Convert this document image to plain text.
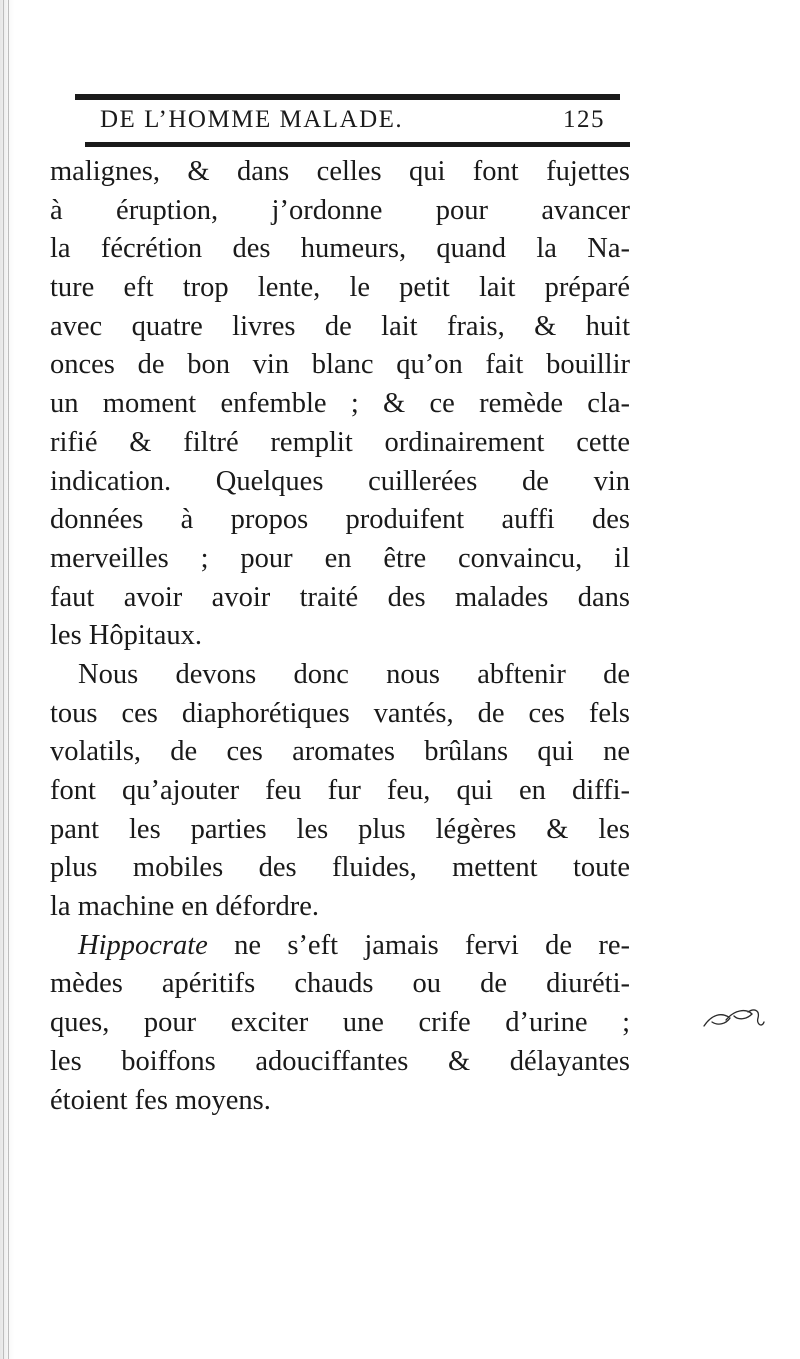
DE L’HOMME MALADE.	125
malignes, & dans celles qui font fujettes
à éruption, j’ordonne pour avancer
la fécrétion des humeurs, quand la Na-
ture eft trop lente, le petit lait préparé
avec quatre livres de lait frais, & huit
onces de bon vin blanc qu’on fait bouillir
un moment enfemble ; & ce remède cla-
rifié & filtré remplit ordinairement cette
indication. Quelques cuillerées de vin
données à propos produifent auffi des
merveilles ; pour en être convaincu, il
faut avoir avoir traité des malades dans
les Hôpitaux.
Nous devons donc nous abftenir de
tous ces diaphorétiques vantés, de ces fels
volatils, de ces aromates brûlans qui ne
font qu’ajouter feu fur feu, qui en diffi-
pant les parties les plus légères & les
plus mobiles des fluides, mettent toute
la machine en défordre.
Hippocrate ne s’eft jamais fervi de re-
mèdes apéritifs chauds ou de diuréti-
ques, pour exciter une crife d’urine ;
les boiffons adouciffantes & délayantes
étoient fes moyens.
